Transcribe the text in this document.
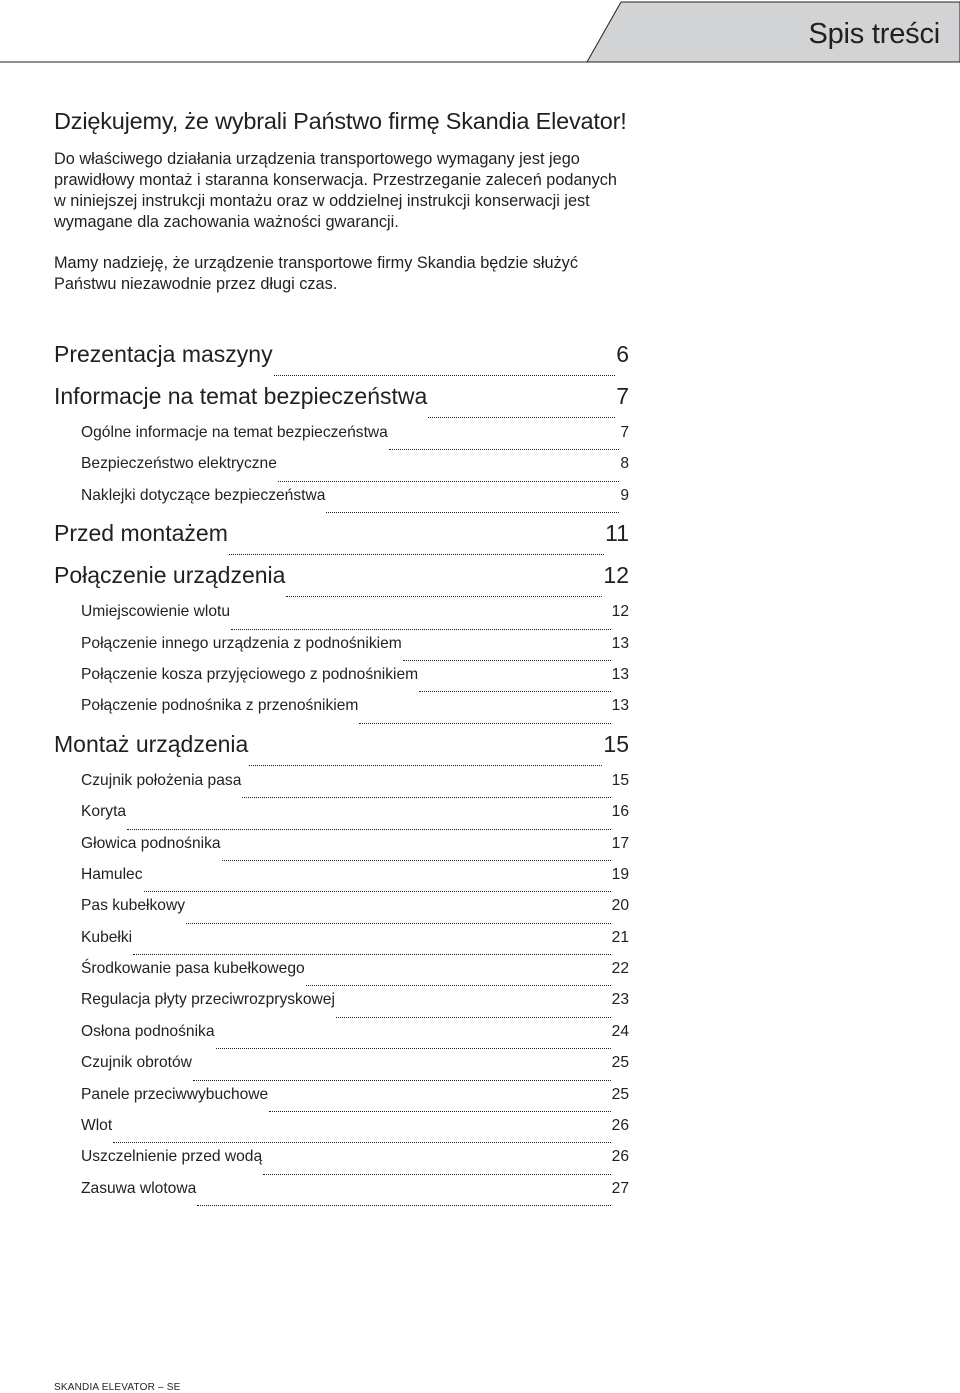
Spis treści
Dziękujemy, że wybrali Państwo firmę Skandia Elevator!

Do właściwego działania urządzenia transportowego wymagany jest jego prawidłowy montaż i staranna konserwacja. Przestrzeganie zaleceń podanych w niniejszej instrukcji montażu oraz w oddzielnej instrukcji konserwacji jest wymagane dla zachowania ważności gwarancji.

Mamy nadzieję, że urządzenie transportowe firmy Skandia będzie służyć Państwu niezawodnie przez długi czas.

Prezentacja maszyny	6
Informacje na temat bezpieczeństwa	7
Ogólne informacje na temat bezpieczeństwa	7
Bezpieczeństwo elektryczne	8
Naklejki dotyczące bezpieczeństwa	9
Przed montażem	11
Połączenie urządzenia	12
Umiejscowienie wlotu	12
Połączenie innego urządzenia z podnośnikiem	13
Połączenie kosza przyjęciowego z podnośnikiem	13
Połączenie podnośnika z przenośnikiem	13
Montaż urządzenia	15
Czujnik położenia pasa	15
Koryta	16
Głowica podnośnika	17
Hamulec	19
Pas kubełkowy	20
Kubełki	21
Środkowanie pasa kubełkowego	22
Regulacja płyty przeciwrozpryskowej	23
Osłona podnośnika	24
Czujnik obrotów	25
Panele przeciwwybuchowe	25
Wlot	26
Uszczelnienie przed wodą	26
Zasuwa wlotowa	27
SKANDIA ELEVATOR – SE
